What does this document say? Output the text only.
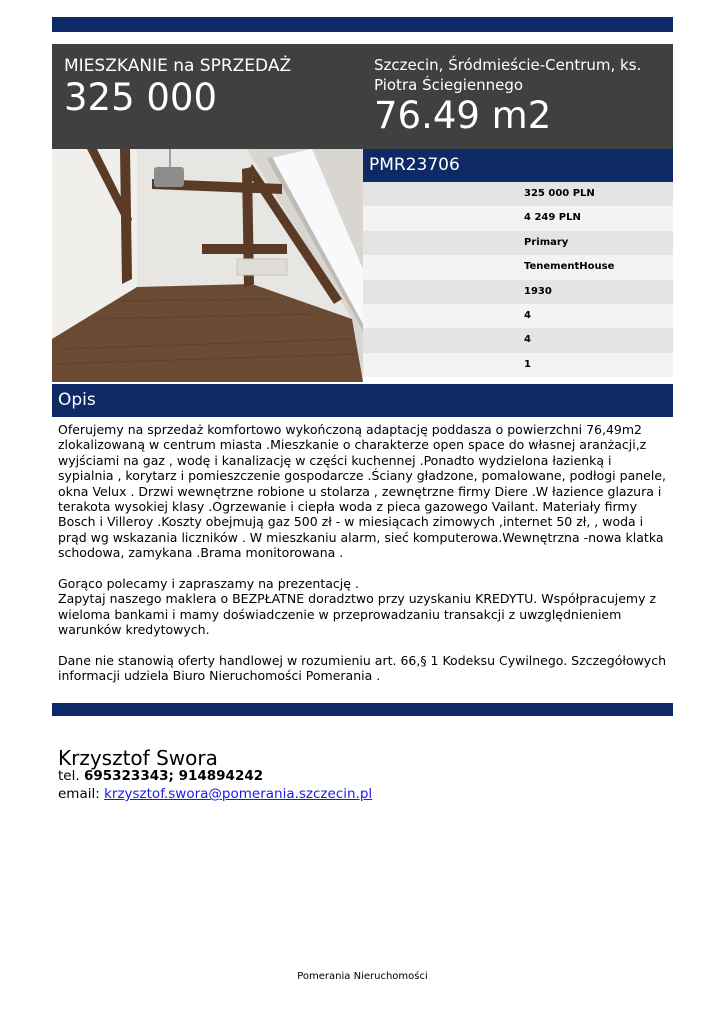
MIESZKANIE na SPRZEDAŻ
325 000
Szczecin, Śródmieście-Centrum, ks. Piotra Ściegiennego
76.49 m2
PMR23706
325 000 PLN
4 249 PLN
Primary
TenementHouse
1930
4
4
1
Opis

Oferujemy na sprzedaż komfortowo wykończoną adaptację poddasza o powierzchni 76,49m2 zlokalizowaną w centrum miasta .Mieszkanie o charakterze open space do własnej aranżacji,z wyjściami na gaz , wodę i kanalizację w części kuchennej .Ponadto wydzielona łazienką i sypialnia , korytarz i pomieszczenie gospodarcze .Ściany gładzone, pomalowane, podłogi panele, okna Velux . Drzwi wewnętrzne robione u stolarza , zewnętrzne firmy Diere .W łazience glazura i terakota wysokiej klasy .Ogrzewanie i ciepła woda z pieca gazowego Vailant. Materiały firmy Bosch i Villeroy .Koszty obejmują gaz 500 zł - w miesiącach zimowych ,internet 50 zł, , woda i prąd wg wskazania liczników . W mieszkaniu alarm, sieć komputerowa.Wewnętrzna -nowa klatka schodowa, zamykana .Brama monitorowana .

Gorąco polecamy i zapraszamy na prezentację .

Zapytaj naszego maklera o BEZPŁATNE doradztwo przy uzyskaniu KREDYTU. Współpracujemy z wieloma bankami i mamy doświadczenie w przeprowadzaniu transakcji z uwzględnieniem warunków kredytowych.

Dane nie stanowią oferty handlowej w rozumieniu art. 66,§ 1 Kodeksu Cywilnego. Szczegółowych informacji udziela Biuro Nieruchomości Pomerania .

Krzysztof Swora
tel. 695323343; 914894242
email: krzysztof.swora@pomerania.szczecin.pl
Pomerania Nieruchomości
